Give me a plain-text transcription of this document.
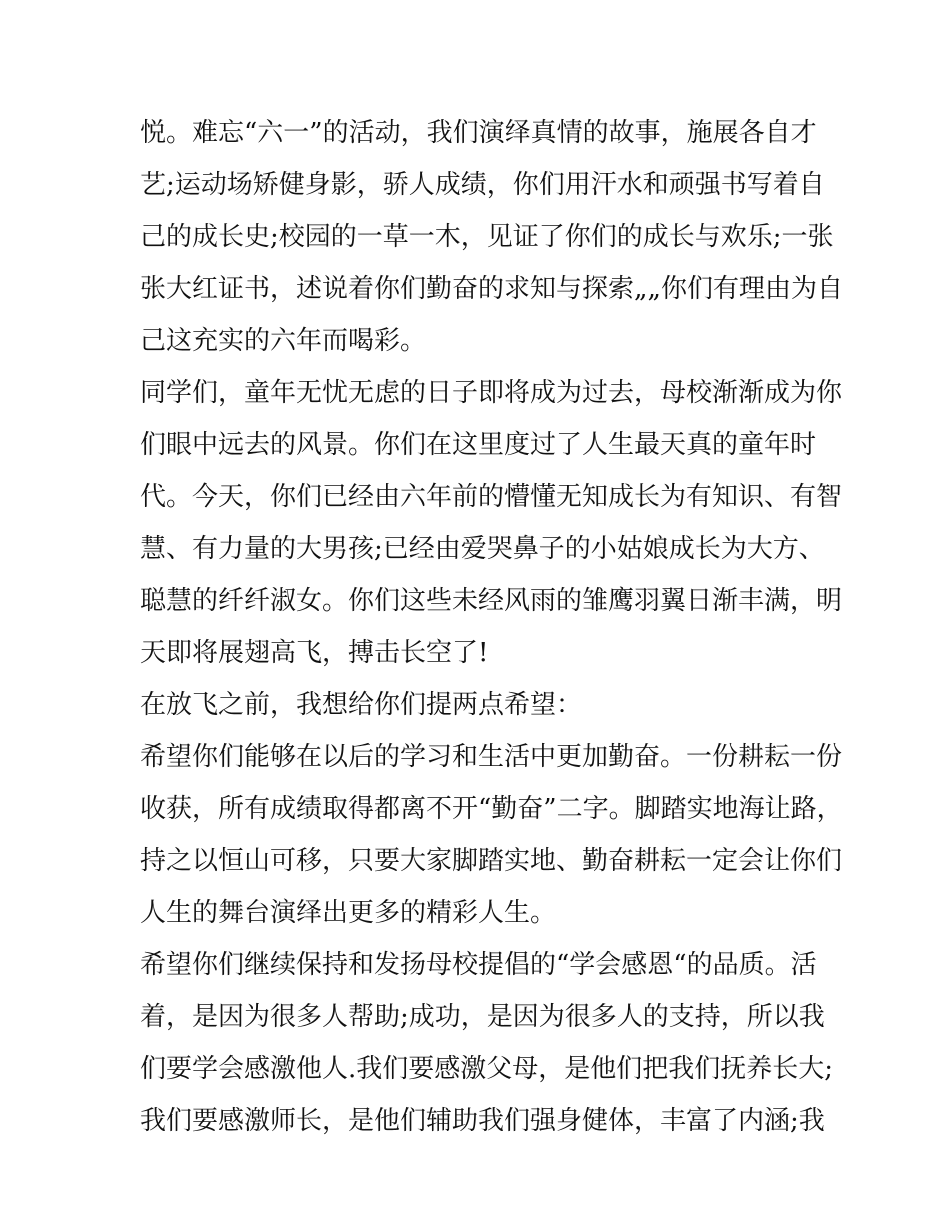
悦。难忘“六一”的活动，我们演绎真情的故事，施展各自才
艺;运动场矫健身影，骄人成绩，你们用汗水和顽强书写着自
己的成长史;校园的一草一木，见证了你们的成长与欢乐;一张
张大红证书，述说着你们勤奋的求知与探索„„你们有理由为自
己这充实的六年而喝彩。
同学们，童年无忧无虑的日子即将成为过去，母校渐渐成为你
们眼中远去的风景。你们在这里度过了人生最天真的童年时
代。今天，你们已经由六年前的懵懂无知成长为有知识、有智
慧、有力量的大男孩;已经由爱哭鼻子的小姑娘成长为大方、
聪慧的纤纤淑女。你们这些未经风雨的雏鹰羽翼日渐丰满，明
天即将展翅高飞，搏击长空了!
在放飞之前，我想给你们提两点希望：
希望你们能够在以后的学习和生活中更加勤奋。一份耕耘一份
收获，所有成绩取得都离不开“勤奋”二字。脚踏实地海让路，
持之以恒山可移，只要大家脚踏实地、勤奋耕耘一定会让你们
人生的舞台演绎出更多的精彩人生。
希望你们继续保持和发扬母校提倡的“学会感恩“的品质。活
着，是因为很多人帮助;成功，是因为很多人的支持，所以我
们要学会感激他人.我们要感激父母，是他们把我们抚养长大;
我们要感激师长，是他们辅助我们强身健体，丰富了内涵;我
